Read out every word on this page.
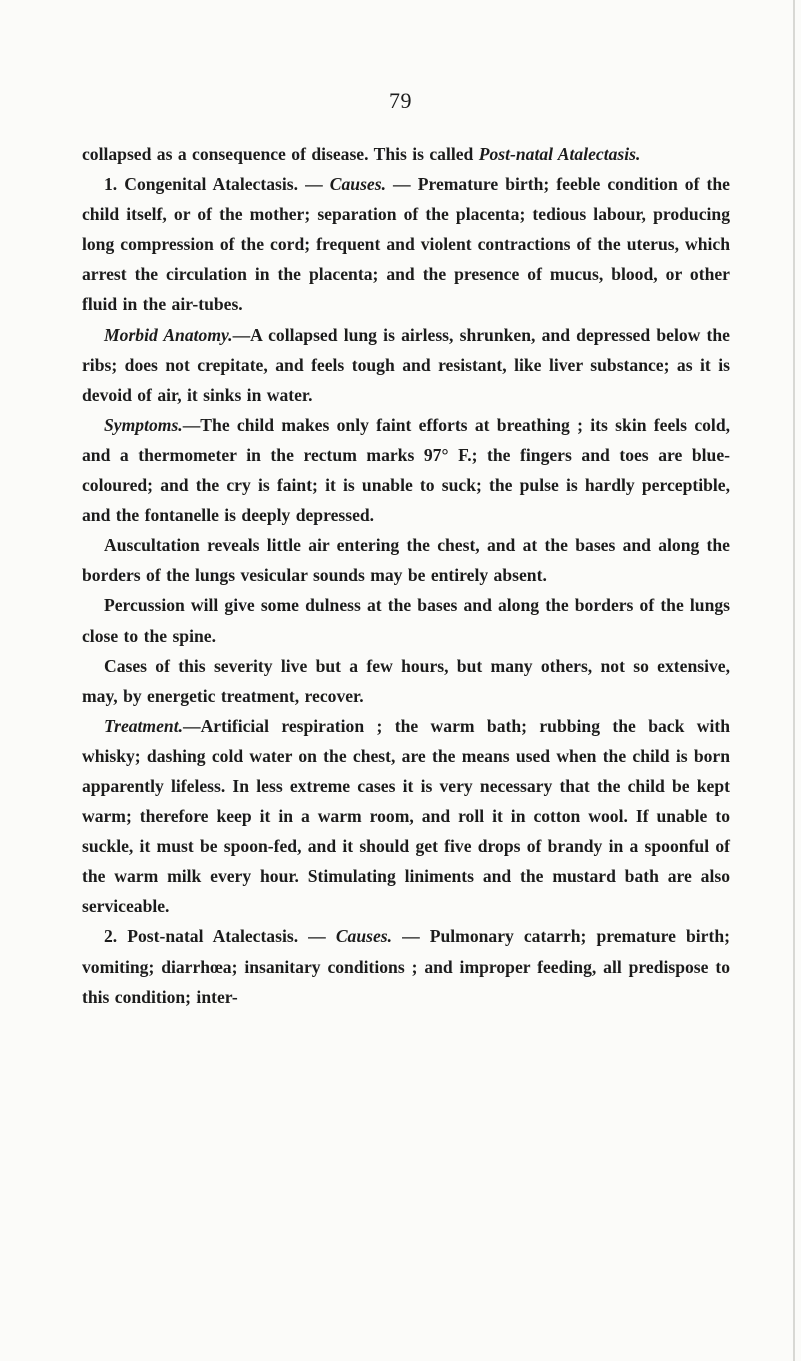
79

collapsed as a consequence of disease. This is called Post-natal Atalectasis.

1. Congenital Atalectasis. — Causes. — Premature birth; feeble condition of the child itself, or of the mother; separation of the placenta; tedious labour, producing long compression of the cord; frequent and violent contractions of the uterus, which arrest the circulation in the placenta; and the presence of mucus, blood, or other fluid in the air-tubes.

Morbid Anatomy.—A collapsed lung is airless, shrunken, and depressed below the ribs; does not crepitate, and feels tough and resistant, like liver substance; as it is devoid of air, it sinks in water.

Symptoms.—The child makes only faint efforts at breathing ; its skin feels cold, and a thermometer in the rectum marks 97° F.; the fingers and toes are blue-coloured; and the cry is faint; it is unable to suck; the pulse is hardly perceptible, and the fontanelle is deeply depressed.

Auscultation reveals little air entering the chest, and at the bases and along the borders of the lungs vesicular sounds may be entirely absent.

Percussion will give some dulness at the bases and along the borders of the lungs close to the spine.

Cases of this severity live but a few hours, but many others, not so extensive, may, by energetic treatment, recover.

Treatment.—Artificial respiration ; the warm bath; rubbing the back with whisky; dashing cold water on the chest, are the means used when the child is born apparently lifeless. In less extreme cases it is very necessary that the child be kept warm; therefore keep it in a warm room, and roll it in cotton wool. If unable to suckle, it must be spoon-fed, and it should get five drops of brandy in a spoonful of the warm milk every hour. Stimulating liniments and the mustard bath are also serviceable.

2. Post-natal Atalectasis. — Causes. — Pulmonary catarrh; premature birth; vomiting; diarrhœa; insanitary conditions ; and improper feeding, all predispose to this condition; inter-
